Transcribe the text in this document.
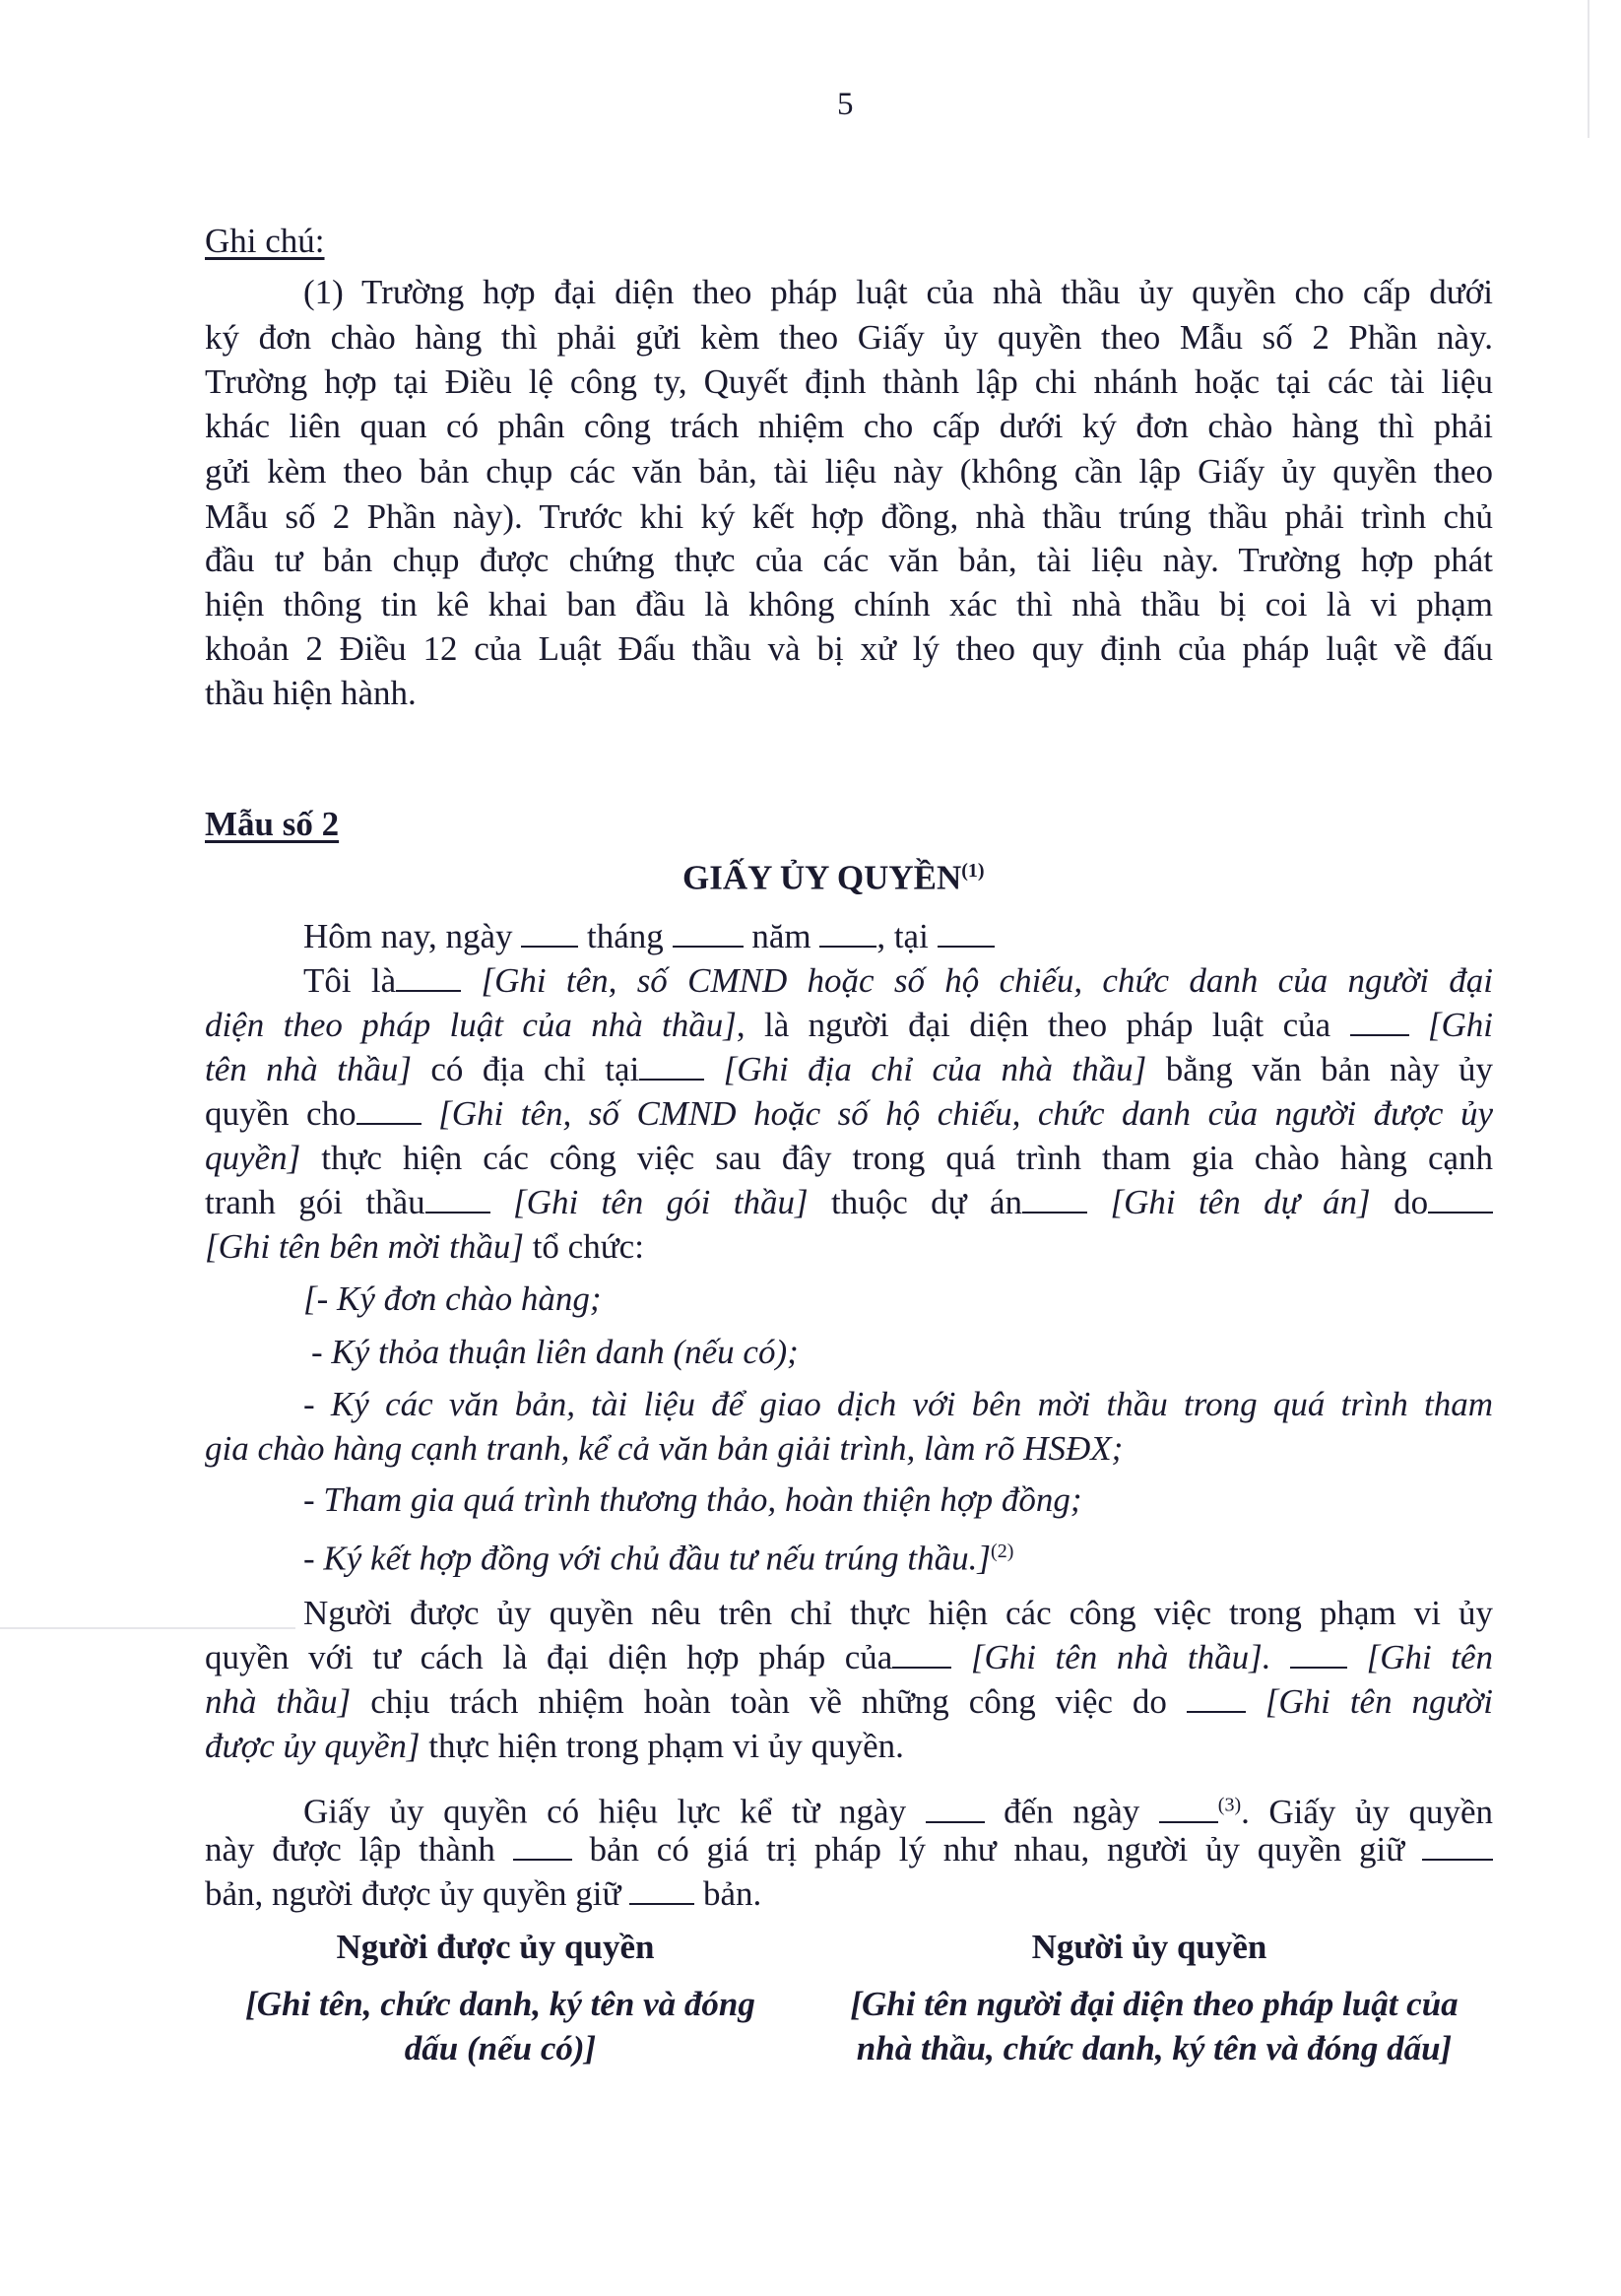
5
Ghi chú:
(1) Trường hợp đại diện theo pháp luật của nhà thầu ủy quyền cho cấp dưới
ký đơn chào hàng thì phải gửi kèm theo Giấy ủy quyền theo Mẫu số 2 Phần này.
Trường hợp tại Điều lệ công ty, Quyết định thành lập chi nhánh hoặc tại các tài liệu
khác liên quan có phân công trách nhiệm cho cấp dưới ký đơn chào hàng thì phải
gửi kèm theo bản chụp các văn bản, tài liệu này (không cần lập Giấy ủy quyền theo
Mẫu số 2 Phần này). Trước khi ký kết hợp đồng, nhà thầu trúng thầu phải trình chủ
đầu tư bản chụp được chứng thực của các văn bản, tài liệu này. Trường hợp phát
hiện thông tin kê khai ban đầu là không chính xác thì nhà thầu bị coi là vi phạm
khoản 2 Điều 12 của Luật Đấu thầu và bị xử lý theo quy định của pháp luật về đấu
thầu hiện hành.
Mẫu số 2
GIẤY ỦY QUYỀN$^{(1)}$
Hôm nay, ngày tháng	năm , tại
Tôi là [Ghi tên, số CMND hoặc số hộ chiếu, chức danh của người đại
diện theo pháp luật của nhà thầu], là người đại diện theo pháp luật của	[Ghi
tên nhà thầu] có địa chỉ tại [Ghi địa chỉ của nhà thầu] bằng văn bản này ủy
quyền cho [Ghi tên, số CMND hoặc số hộ chiếu, chức danh của người được ủy
quyền] thực hiện các công việc sau đây trong quá trình tham gia chào hàng cạnh
tranh gói thầu	[Ghi tên gói thầu] thuộc dự án	[Ghi tên dự án] do
[Ghi tên bên mời thầu] tổ chức:
[- Ký đơn chào hàng;
- Ký thỏa thuận liên danh (nếu có);
- Ký các văn bản, tài liệu để giao dịch với bên mời thầu trong quá trình tham
gia chào hàng cạnh tranh, kể cả văn bản giải trình, làm rõ HSĐX;
- Tham gia quá trình thương thảo, hoàn thiện hợp đồng;
- Ký kết hợp đồng với chủ đầu tư nếu trúng thầu.]$^{(2)}$
Người được ủy quyền nêu trên chỉ thực hiện các công việc trong phạm vi ủy
quyền với tư cách là đại diện hợp pháp của [Ghi tên nhà thầu].	[Ghi tên
nhà thầu] chịu trách nhiệm hoàn toàn về những công việc do	[Ghi tên người
được ủy quyền] thực hiện trong phạm vi ủy quyền.
Giấy ủy quyền có hiệu lực kể từ ngày	đến ngày	$^{(3)}$. Giấy ủy quyền
này được lập thành	bản có giá trị pháp lý như nhau, người ủy quyền giữ
bản, người được ủy quyền giữ bản.
Người được ủy quyền	Người ủy quyền
[Ghi tên, chức danh, ký tên và đóng
dấu (nếu có)]
[Ghi tên người đại diện theo pháp luật của
nhà thầu, chức danh, ký tên và đóng dấu]
